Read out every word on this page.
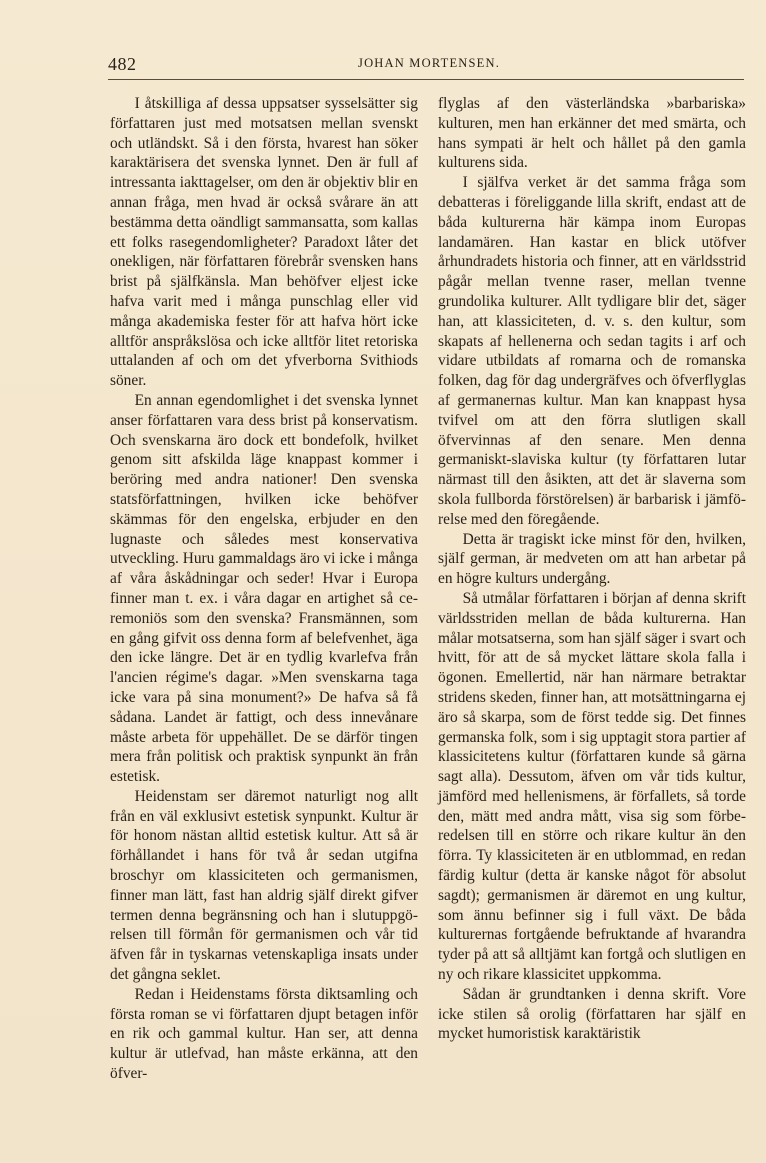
482	JOHAN MORTENSEN.

I åtskilliga af dessa uppsatser sysselsätter sig författaren just med motsatsen mellan svenskt och utländskt. Så i den första, hvarest han söker karaktärisera det svenska lynnet. Den är full af intressanta iakttagelser, om den är objektiv blir en annan fråga, men hvad är också svårare än att bestämma detta oändligt sammansatta, som kallas ett folks rasegendomligheter? Paradoxt låter det onekligen, när författaren förebrår svensken hans brist på själfkänsla. Man behöfver eljest icke hafva varit med i många punschlag eller vid många akademiska fester för att hafva hört icke alltför anspråkslösa och icke alltför litet retoriska uttalanden af och om det yfverborna Svithiods söner.

En annan egendomlighet i det svenska lynnet anser författaren vara dess brist på konservatism. Och svenskarna äro dock ett bondefolk, hvilket genom sitt afskilda läge knappast kommer i beröring med andra nationer! Den svenska statsförfattningen, hvilken icke behöfver skämmas för den engelska, erbjuder en den lugnaste och således mest konservativa utveckling. Huru gammaldags äro vi icke i många af våra åskådningar och seder! Hvar i Europa finner man t. ex. i våra dagar en artighet så ceremoniös som den svenska? Fransmännen, som en gång gifvit oss denna form af belefvenhet, äga den icke längre. Det är en tydlig kvarlefva från l'ancien régime's dagar. »Men svenskarna taga icke vara på sina monument?» De hafva så få sådana. Landet är fattigt, och dess innevånare måste arbeta för uppehället. De se därför tingen mera från politisk och praktisk synpunkt än från estetisk.

Heidenstam ser däremot naturligt nog allt från en väl exklusivt estetisk synpunkt. Kultur är för honom nästan alltid estetisk kultur. Att så är förhållandet i hans för två år sedan utgifna broschyr om klassiciteten och germanismen, finner man lätt, fast han aldrig själf direkt gifver termen denna begränsning och han i slutuppgörelsen till förmån för germanismen och vår tid äfven får in tyskarnas vetenskapliga insats under det gångna seklet.

Redan i Heidenstams första diktsamling och första roman se vi författaren djupt betagen inför en rik och gammal kultur. Han ser, att denna kultur är utlefvad, han måste erkänna, att den öfver-

flyglas af den västerländska »barbariska» kulturen, men han erkänner det med smärta, och hans sympati är helt och hållet på den gamla kulturens sida.

I själfva verket är det samma fråga som debatteras i föreliggande lilla skrift, endast att de båda kulturerna här kämpa inom Europas landamären. Han kastar en blick utöfver århundradets historia och finner, att en världsstrid pågår mellan tvenne raser, mellan tvenne grundolika kulturer. Allt tydligare blir det, säger han, att klassiciteten, d. v. s. den kultur, som skapats af hellenerna och sedan tagits i arf och vidare utbildats af romarna och de romanska folken, dag för dag undergräfves och öfverflyglas af germanernas kultur. Man kan knappast hysa tvifvel om att den förra slutligen skall öfvervinnas af den senare. Men denna germaniskt-slaviska kultur (ty författaren lutar närmast till den åsikten, att det är slaverna som skola fullborda förstörelsen) är barbarisk i jämförelse med den föregående.

Detta är tragiskt icke minst för den, hvilken, själf german, är medveten om att han arbetar på en högre kulturs undergång.

Så utmålar författaren i början af denna skrift världsstriden mellan de båda kulturerna. Han målar motsatserna, som han själf säger i svart och hvitt, för att de så mycket lättare skola falla i ögonen. Emellertid, när han närmare betraktar stridens skeden, finner han, att motsättningarna ej äro så skarpa, som de först tedde sig. Det finnes germanska folk, som i sig upptagit stora partier af klassicitetens kultur (författaren kunde så gärna sagt alla). Dessutom, äfven om vår tids kultur, jämförd med hellenismens, är förfallets, så torde den, mätt med andra mått, visa sig som förberedelsen till en större och rikare kultur än den förra. Ty klassiciteten är en utblommad, en redan färdig kultur (detta är kanske något för absolut sagdt); germanismen är däremot en ung kultur, som ännu befinner sig i full växt. De båda kulturernas fortgående befruktande af hvarandra tyder på att så alltjämt kan fortgå och slutligen en ny och rikare klassicitet uppkomma.

Sådan är grundtanken i denna skrift. Vore icke stilen så orolig (författaren har själf en mycket humoristisk karaktäristik
